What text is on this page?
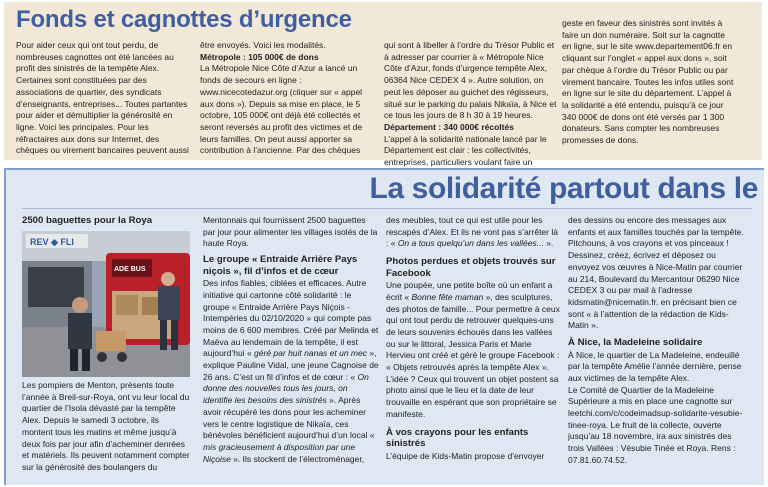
Fonds et cagnottes d’urgence

Pour aider ceux qui ont tout perdu, de nombreuses cagnottes ont été lancées au profit des sinistrés de la tempête Alex. Certaines sont constituées par des associations de quartier, des syndicats d’enseignants, entreprises... Toutes partantes pour aider et démultiplier la générosité en ligne. Voici les principales. Pour les réfractaires aux dons sur Internet, des chèques ou virement bancaires peuvent aussi

être envoyés. Voici les modalités.

Métropole : 105 000€ de dons

La Métropole Nice Côte d’Azur a lancé un fonds de secours en ligne : www.nicecotedazur.org (cliquer sur « appel aux dons »). Depuis sa mise en place, le 5 octobre, 105 000€ ont déjà été collectés et seront reversés au profit des victimes et de leurs familles. On peut aussi apporter sa contribution à l’ancienne. Par des chèques

qui sont à libeller à l’ordre du Trésor Public et à adresser par courrier à « Métropole Nice Côte d’Azur, fonds d’urgence tempête Alex, 06364 Nice CEDEX 4 ». Autre solution, on peut les déposer au guichet des régisseurs, situé sur le parking du palais Nikaïa, à Nice et ce tous les jours de 8 h 30 à 19 heures.

Département : 340 000€ récoltés

L’appel à la solidarité nationale lancé par le Département est clair : les collectivités, entreprises, particuliers voulant faire un

geste en faveur des sinistrés sont invités à faire un don numéraire. Soit sur la cagnotte en ligne, sur le site www.departement06.fr en cliquant sur l’onglet « appel aux dons », soit par chèque à l’ordre du Trésor Public ou par virement bancaire. Toutes les infos utiles sont en ligne sur le site du département. L’appel à la solidarité a été entendu, puisqu’à ce jour 340 000€ de dons ont été versés par 1 300 donateurs. Sans compter les nombreuses promesses de dons.

La solidarité partout dans le
2500 baguettes pour la Roya
REV ◆ FLI
ADE BUS

Les pompiers de Menton, présents toute l’année à Breil-sur-Roya, ont vu leur local du quartier de l’Isola dévasté par la tempête Alex. Depuis le samedi 3 octobre, ils montent tous les matins et même jusqu’à deux fois par jour afin d’acheminer denrées et matériels. Ils peuvent notamment compter sur la générosité des boulangers du

Mentonnais qui fournissent 2500 baguettes par jour pour alimenter les villages isolés de la haute Roya.

Le groupe « Entraide Arrière Pays niçois », fil d’infos et de cœur

Des infos fiables, ciblées et efficaces. Autre initiative qui cartonne côté solidarité : le groupe « Entraide Arrière Pays Niçois - Intempéries du 02/10/2020 » qui compte pas moins de 6 600 membres. Créé par Melinda et Maëva au lendemain de la tempête, il est aujourd’hui « géré par huit nanas et un mec », explique Pauline Vidal, une jeune Cagnoise de 26 ans. C’est un fil d’infos et de cœur : « On donne des nouvelles tous les jours, on identifie les besoins des sinistrés ». Après avoir récupéré les dons pour les acheminer vers le centre logistique de Nikaïa, ces bénévoles bénéficient aujourd’hui d’un local « mis gracieusement à disposition par une Niçoise ». Ils stockent de l’électroménager,

des meubles, tout ce qui est utile pour les rescapés d’Alex. Et ils ne vont pas s’arrêter là : « On a tous quelqu’un dans les vallées... ».

Photos perdues et objets trouvés sur Facebook

Une poupée, une petite boîte où un enfant a écrit « Bonne fête maman », des sculptures, des photos de famille... Pour permettre à ceux qui ont tout perdu de retrouver quelques-uns de leurs souvenirs échoués dans les vallées ou sur le littoral, Jessica Paris et Marie Hervieu ont créé et géré le groupe Facebook : « Objets retrouvés après la tempête Alex ». L’idée ? Ceux qui trouvent un objet postent sa photo ainsi que le lieu et la date de leur trouvaille en espérant que son propriétaire se manifeste.

À vos crayons pour les enfants sinistrés

L’équipe de Kids-Matin propose d’envoyer

des dessins ou encore des messages aux enfants et aux familles touchés par la tempête. Pitchouns, à vos crayons et vos pinceaux ! Dessinez, créez, écrivez et déposez ou envoyez vos œuvres à Nice-Matin par courrier au 214, Boulevard du Mercantour 06290 Nice CEDEX 3 ou par mail à l’adresse kidsmatin@nicematin.fr. en précisant bien ce sont « à l’attention de la rédaction de Kids-Matin ».

À Nice, la Madeleine solidaire

À Nice, le quartier de La Madeleine, endeuillé par la tempête Amélie l’année dernière, pense aux victimes de la tempête Alex.

Le Comité de Quartier de la Madeleine Supérieure a mis en place une cagnotte sur leetchi.com/c/codeimadsup-solidarite-vesubie-tinee-roya. Le fruit de la collecte, ouverte jusqu’au 18 novembre, ira aux sinistrés des trois Vallées : Vésubie Tinée et Roya. Rens : 07.81.60.74.52.
